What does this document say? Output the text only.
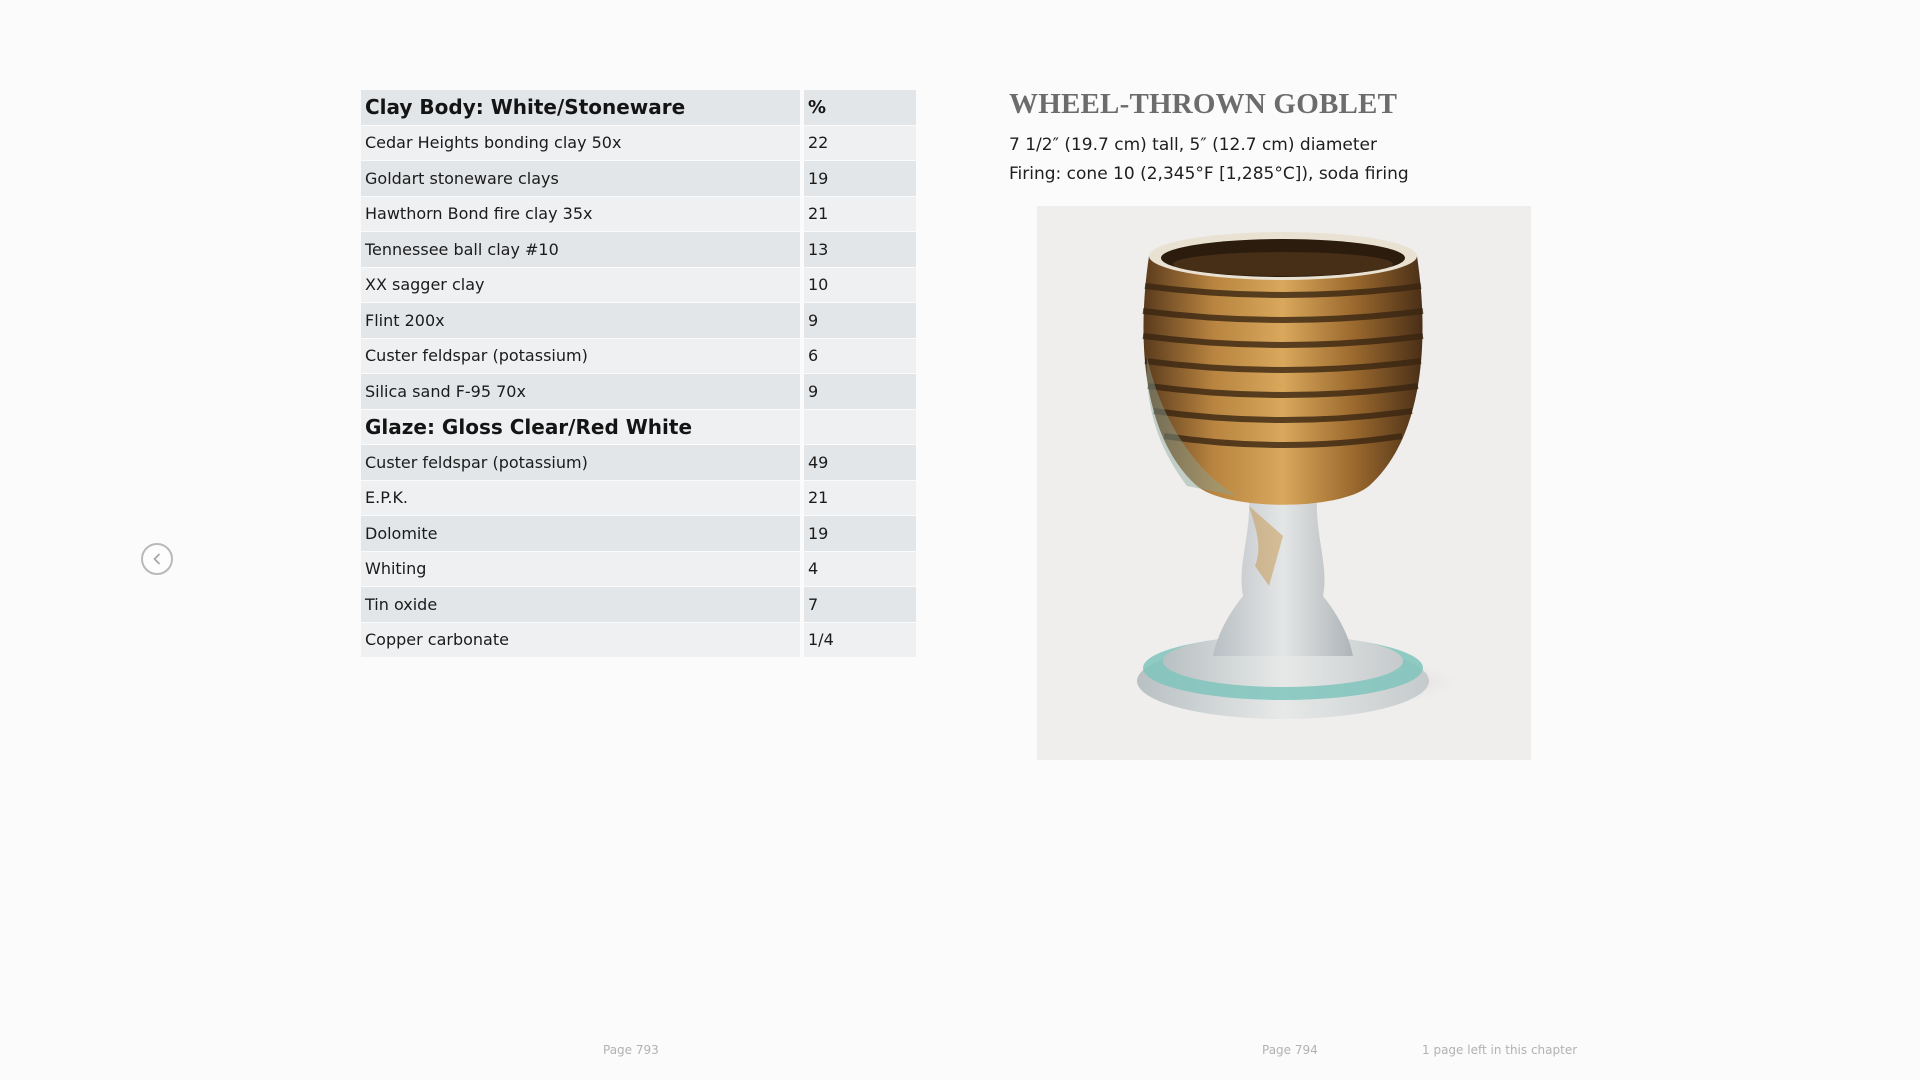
Clay Body: White/Stoneware	%
Cedar Heights bonding clay 50x	22
Goldart stoneware clays	19
Hawthorn Bond fire clay 35x	21
Tennessee ball clay #10	13
XX sagger clay	10
Flint 200x	9
Custer feldspar (potassium)	6
Silica sand F-95 70x	9
Glaze: Gloss Clear/Red White	
Custer feldspar (potassium)	49
E.P.K.	21
Dolomite	19
Whiting	4
Tin oxide	7
Copper carbonate	1/4
WHEEL-THROWN GOBLET
7 1/2″ (19.7 cm) tall, 5″ (12.7 cm) diameter
Firing: cone 10 (2,345°F [1,285°C]), soda firing
Page 793	Page 794	1 page left in this chapter
